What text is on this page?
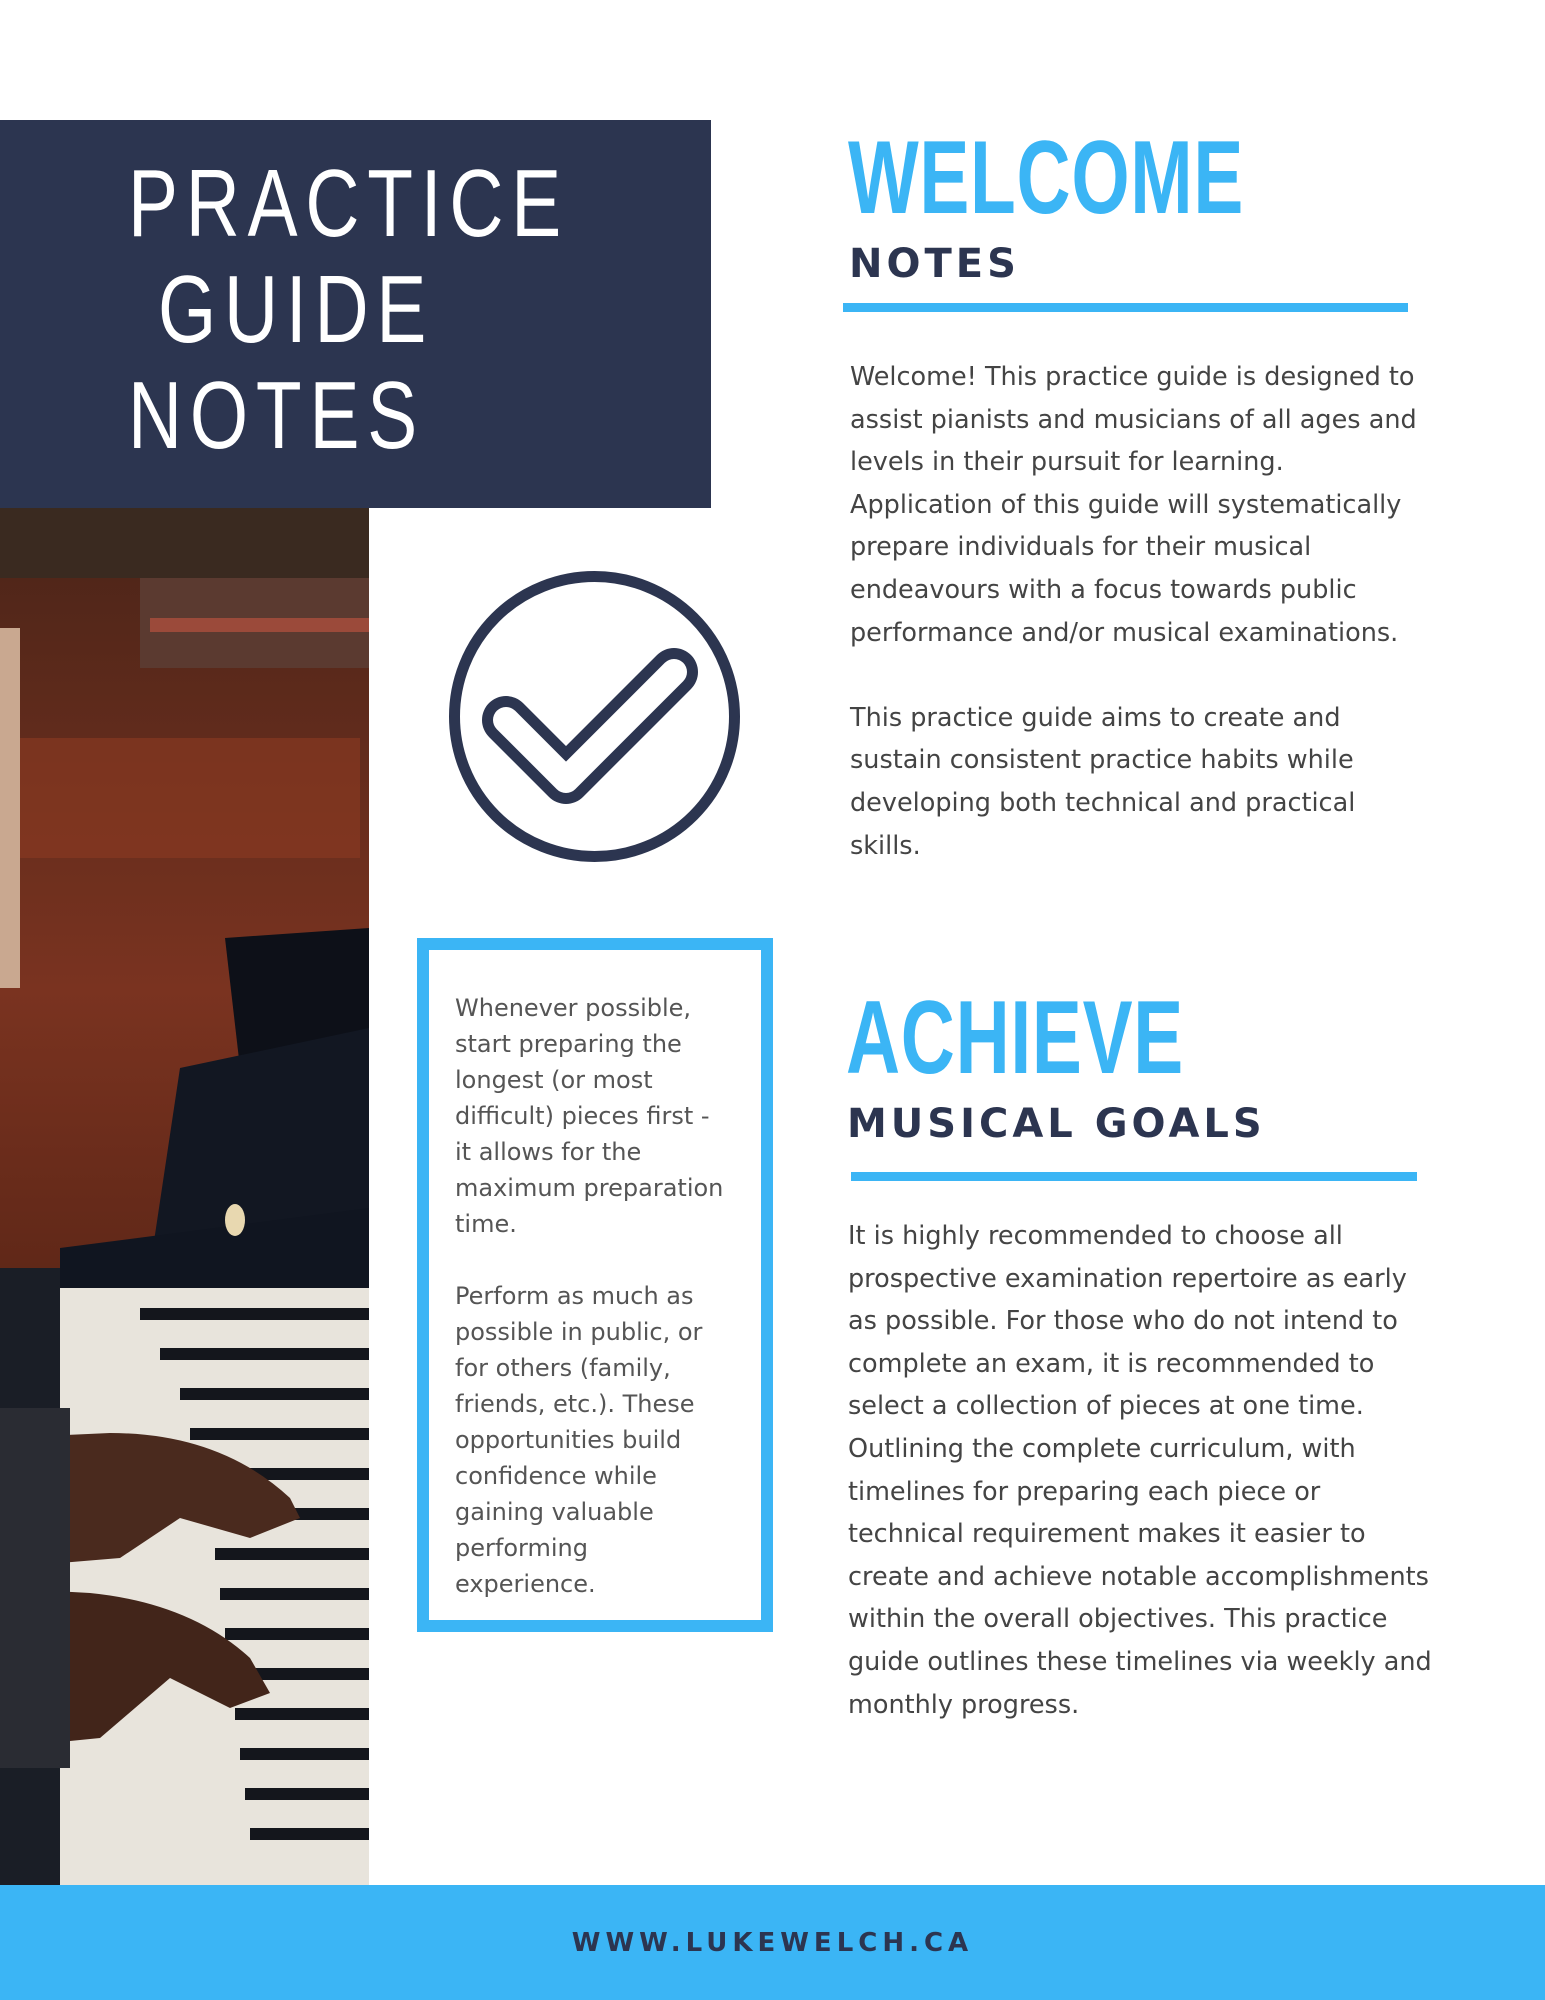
PRACTICE
GUIDE
NOTES

Whenever possible, start preparing the longest (or most difficult) pieces first - it allows for the maximum preparation time.

Perform as much as possible in public, or for others (family, friends, etc.). These opportunities build confidence while gaining valuable performing experience.

WELCOME
NOTES

Welcome! This practice guide is designed to assist pianists and musicians of all ages and levels in their pursuit for learning. Application of this guide will systematically prepare individuals for their musical endeavours with a focus towards public performance and/or musical examinations.

This practice guide aims to create and sustain consistent practice habits while developing both technical and practical skills.

ACHIEVE
MUSICAL GOALS

It is highly recommended to choose all prospective examination repertoire as early as possible. For those who do not intend to complete an exam, it is recommended to select a collection of pieces at one time. Outlining the complete curriculum, with timelines for preparing each piece or technical requirement makes it easier to create and achieve notable accomplishments within the overall objectives. This practice guide outlines these timelines via weekly and monthly progress.

WWW.LUKEWELCH.CA
